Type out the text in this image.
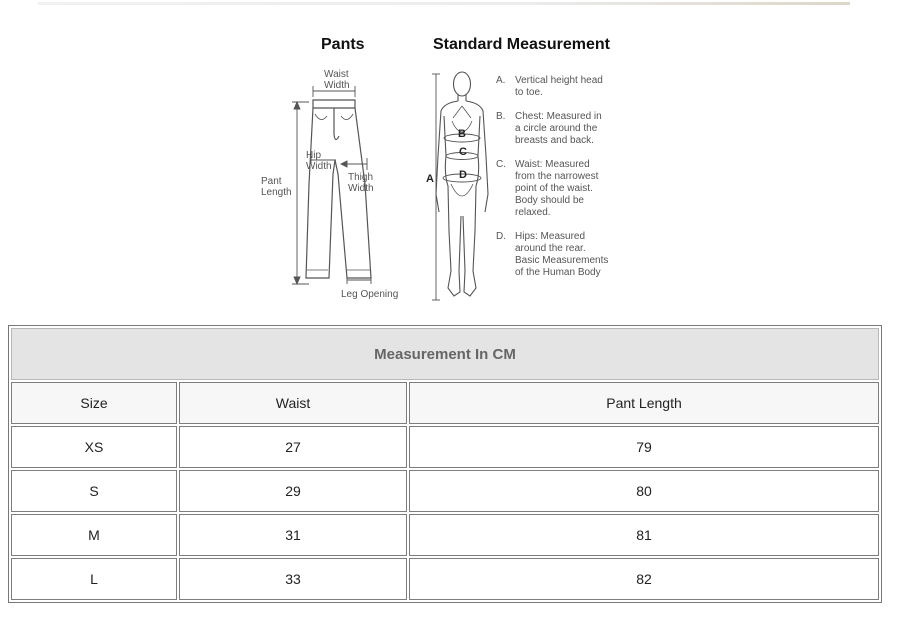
Pants	Standard Measurement
Waist
Width
Hip
Width
Thigh
Width
Pant
Length
Leg Opening
B
C
A D
A. Vertical height head
to toe.
B. Chest: Measured in
a circle around the
breasts and back.
C. Waist: Measured
from the narrowest
point of the waist.
Body should be
relaxed.
D. Hips: Measured
around the rear.
Basic Measurements
of the Human Body
Measurement In CM		
Size	Waist	Pant Length
XS	27	79
S	29	80
M	31	81
L	33	82
